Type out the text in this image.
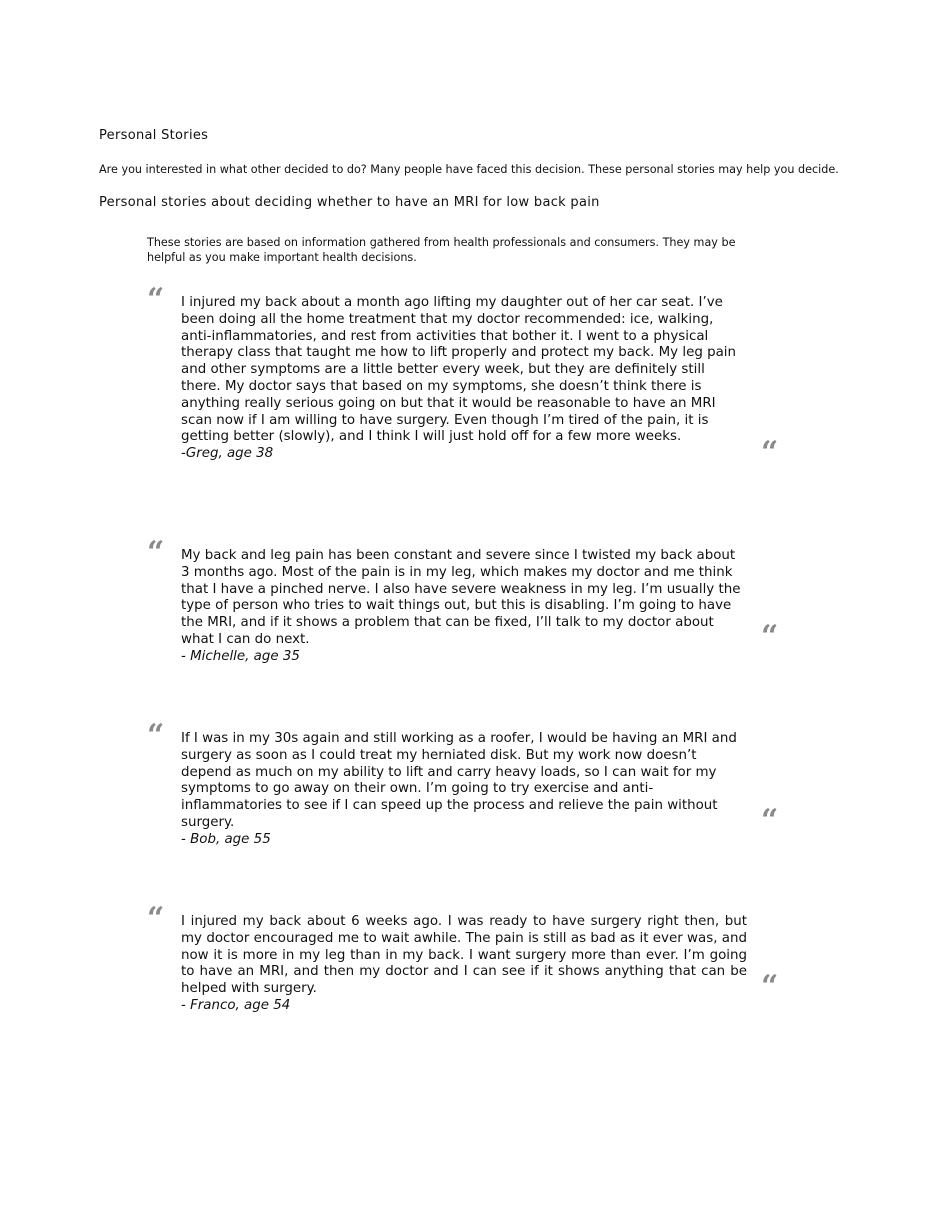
Personal Stories

Are you interested in what other decided to do? Many people have faced this decision. These personal stories may help you decide.

Personal stories about deciding whether to have an MRI for low back pain

These stories are based on information gathered from health professionals and consumers. They may be helpful as you make important health decisions.

“ I injured my back about a month ago lifting my daughter out of her car seat. I’ve been doing all the home treatment that my doctor recommended: ice, walking, anti-inflammatories, and rest from activities that bother it. I went to a physical therapy class that taught me how to lift properly and protect my back. My leg pain and other symptoms are a little better every week, but they are definitely still there. My doctor says that based on my symptoms, she doesn’t think there is anything really serious going on but that it would be reasonable to have an MRI scan now if I am willing to have surgery. Even though I’m tired of the pain, it is getting better (slowly), and I think I will just hold off for a few more weeks.
-Greg, age 38	“
“ My back and leg pain has been constant and severe since I twisted my back about 3 months ago. Most of the pain is in my leg, which makes my doctor and me think that I have a pinched nerve. I also have severe weakness in my leg. I’m usually the type of person who tries to wait things out, but this is disabling. I’m going to have the MRI, and if it shows a problem that can be fixed, I’ll talk to my doctor about what I can do next.
- Michelle, age 35

“
“ If I was in my 30s again and still working as a roofer, I would be having an MRI and surgery as soon as I could treat my herniated disk. But my work now doesn’t depend as much on my ability to lift and carry heavy loads, so I can wait for my symptoms to go away on their own. I’m going to try exercise and anti-inflammatories to see if I can speed up the process and relieve the pain without surgery.
- Bob, age 55

“
“ I injured my back about 6 weeks ago. I was ready to have surgery right then, but my doctor encouraged me to wait awhile. The pain is still as bad as it ever was, and now it is more in my leg than in my back. I want surgery more than ever. I’m going to have an MRI, and then my doctor and I can see if it shows anything that can be helped with surgery.
- Franco, age 54

“
